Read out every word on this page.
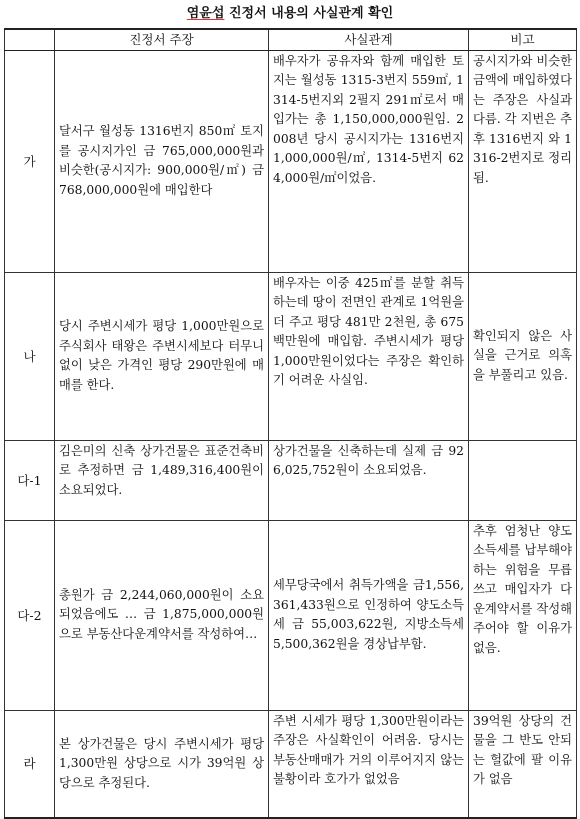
염윤섭 진정서 내용의 사실관계 확인
	진정서 주장	사실관계	비고
가	달서구 월성동 1316번지 850㎡ 토지를 공시지가인 금 765,000,000원과 비슷한(공시지가: 900,000원/㎡) 금 768,000,000원에 매입한다	배우자가 공유자와 함께 매입한 토지는 월성동 1315-3번지 559㎡, 1314-5번지외 2필지 291㎡로서 매입가는 총 1,150,000,000원임. 2008년 당시 공시지가는 1316번지 1,000,000원/㎡, 1314-5번지 624,000원/㎡이었음.	공시지가와 비슷한 금액에 매입하였다는 주장은 사실과 다름. 각 지번은 추후 1316번지 와 1316-2번지로 정리됨.
나	당시 주변시세가 평당 1,000만원으로 주식회사 태왕은 주변시세보다 터무니없이 낮은 가격인 평당 290만원에 매매를 한다.	배우자는 이중 425㎡를 분할 취득하는데 땅이 전면인 관계로 1억원을 더 주고 평당 481만 2천원, 총 675백만원에 매입함. 주변시세가 평당 1,000만원이었다는 주장은 확인하기 어려운 사실임.	확인되지 않은 사실을 근거로 의혹을 부풀리고 있음.
다-1	김은미의 신축 상가건물은 표준건축비로 추정하면 금 1,489,316,400원이 소요되었다.	상가건물을 신축하는데 실제 금 926,025,752원이 소요되었음.	
다-2	총원가 금 2,244,060,000원이 소요되었음에도 … 금 1,875,000,000원으로 부동산다운계약서를 작성하여…	세무당국에서 취득가액을 금1,556,361,433원으로 인정하여 양도소득세 금 55,003,622원, 지방소득세 5,500,362원을 경상납부함.	추후 엄청난 양도소득세를 납부해야 하는 위험을 무릅쓰고 매입자가 다운계약서를 작성해 주어야 할 이유가 없음.
라	본 상가건물은 당시 주변시세가 평당 1,300만원 상당으로 시가 39억원 상당으로 추정된다.	주변 시세가 평당 1,300만원이라는 주장은 사실확인이 어려움. 당시는 부동산매매가 거의 이루어지지 않는 불황이라 호가가 없었음	39억원 상당의 건물을 그 반도 안되는 헐값에 팔 이유가 없음
